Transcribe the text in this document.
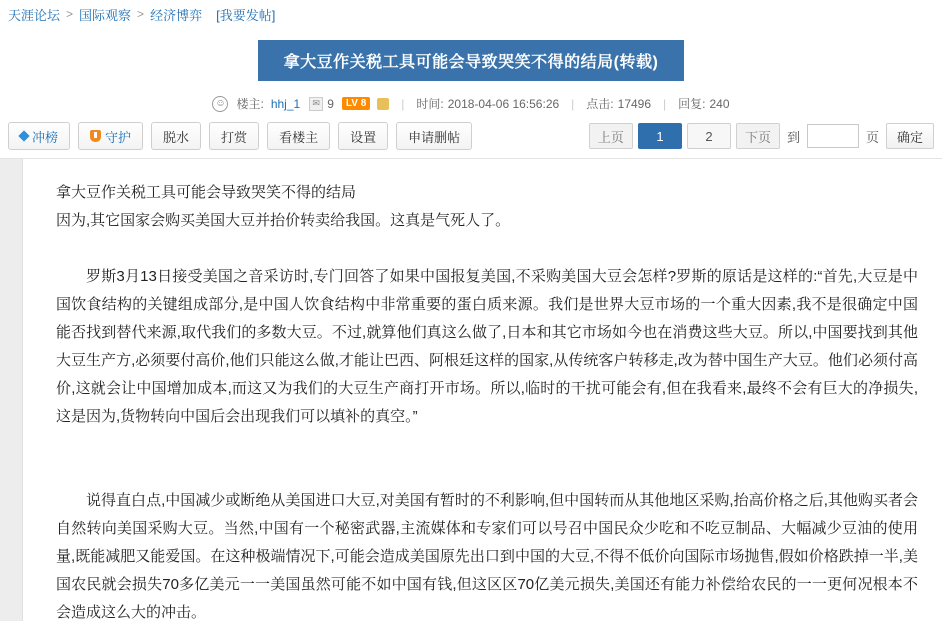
天涯论坛 > 国际观察 > 经济博弈 [我要发帖]
拿大豆作关税工具可能会导致哭笑不得的结局(转载)
☺ 楼主: hhj_1	✉ 9	LV 8	| 时间: 2018-04-06 16:56:26 | 点击: 17496 | 回复: 240
冲榜	守护 脱水 打赏 看楼主 设置 申请删帖	上页	1	2	下页	到	页	确定

拿大豆作关税工具可能会导致哭笑不得的结局

因为,其它国家会购买美国大豆并抬价转卖给我国。这真是气死人了。

罗斯3月13日接受美国之音采访时,专门回答了如果中国报复美国,不采购美国大豆会怎样?罗斯的原话是这样的:“首先,大豆是中国饮食结构的关键组成部分,是中国人饮食结构中非常重要的蛋白质来源。我们是世界大豆市场的一个重大因素,我不是很确定中国能否找到替代来源,取代我们的多数大豆。不过,就算他们真这么做了,日本和其它市场如今也在消费这些大豆。所以,中国要找到其他大豆生产方,必须要付高价,他们只能这么做,才能让巴西、阿根廷这样的国家,从传统客户转移走,改为替中国生产大豆。他们必须付高价,这就会让中国增加成本,而这又为我们的大豆生产商打开市场。所以,临时的干扰可能会有,但在我看来,最终不会有巨大的净损失,这是因为,货物转向中国后会出现我们可以填补的真空。”

说得直白点,中国减少或断绝从美国进口大豆,对美国有暂时的不利影响,但中国转而从其他地区采购,抬高价格之后,其他购买者会自然转向美国采购大豆。当然,中国有一个秘密武器,主流媒体和专家们可以号召中国民众少吃和不吃豆制品、大幅减少豆油的使用量,既能减肥又能爱国。在这种极端情况下,可能会造成美国原先出口到中国的大豆,不得不低价向国际市场抛售,假如价格跌掉一半,美国农民就会损失70多亿美元一一美国虽然可能不如中国有钱,但这区区70亿美元损失,美国还有能力补偿给农民的一一更何况根本不会造成这么大的冲击。
